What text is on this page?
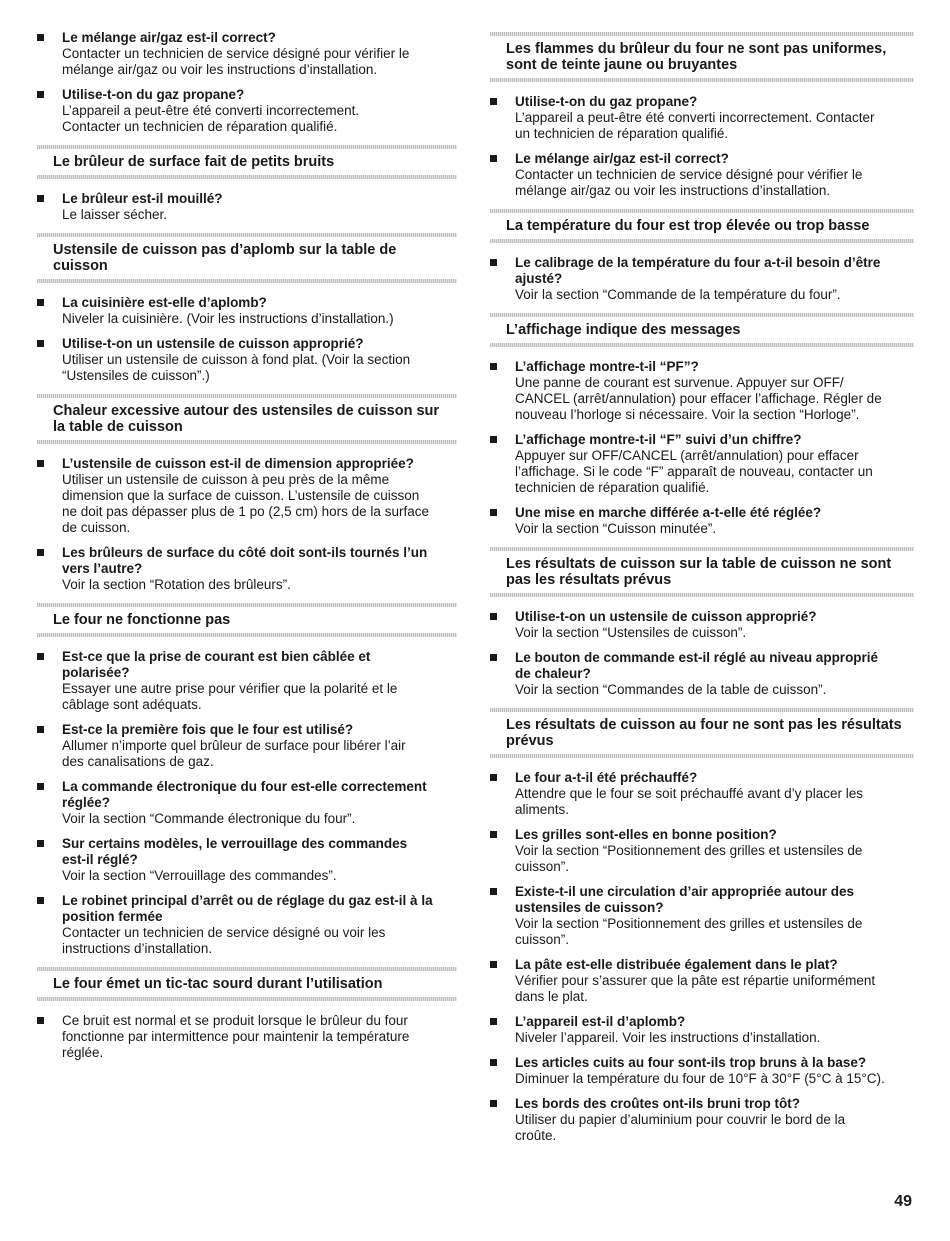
Le mélange air/gaz est-il correct?
Contacter un technicien de service désigné pour vérifier le
mélange air/gaz ou voir les instructions d’installation.
Utilise-t-on du gaz propane?
L’appareil a peut-être été converti incorrectement.
Contacter un technicien de réparation qualifié.
Le brûleur de surface fait de petits bruits
Le brûleur est-il mouillé?
Le laisser sécher.
Ustensile de cuisson pas d’aplomb sur la table de
cuisson
La cuisinière est-elle d’aplomb?
Niveler la cuisinière. (Voir les instructions d’installation.)
Utilise-t-on un ustensile de cuisson approprié?
Utiliser un ustensile de cuisson à fond plat. (Voir la section
“Ustensiles de cuisson”.)
Chaleur excessive autour des ustensiles de cuisson sur
la table de cuisson
L’ustensile de cuisson est-il de dimension appropriée?
Utiliser un ustensile de cuisson à peu près de la même
dimension que la surface de cuisson. L’ustensile de cuisson
ne doit pas dépasser plus de 1 po (2,5 cm) hors de la surface
de cuisson.
Les brûleurs de surface du côté doit sont-ils tournés l’un
vers l’autre?
Voir la section “Rotation des brûleurs”.
Le four ne fonctionne pas
Est-ce que la prise de courant est bien câblée et
polarisée?
Essayer une autre prise pour vérifier que la polarité et le
câblage sont adéquats.
Est-ce la première fois que le four est utilisé?
Allumer n’importe quel brûleur de surface pour libérer l’air
des canalisations de gaz.
La commande électronique du four est-elle correctement
réglée?
Voir la section “Commande électronique du four”.
Sur certains modèles, le verrouillage des commandes
est-il réglé?
Voir la section “Verrouillage des commandes”.
Le robinet principal d’arrêt ou de réglage du gaz est-il à la
position fermée
Contacter un technicien de service désigné ou voir les
instructions d’installation.
Le four émet un tic-tac sourd durant l’utilisation
Ce bruit est normal et se produit lorsque le brûleur du four
fonctionne par intermittence pour maintenir la température
réglée.
Les flammes du brûleur du four ne sont pas uniformes,
sont de teinte jaune ou bruyantes
Utilise-t-on du gaz propane?
L’appareil a peut-être été converti incorrectement. Contacter
un technicien de réparation qualifié.
Le mélange air/gaz est-il correct?
Contacter un technicien de service désigné pour vérifier le
mélange air/gaz ou voir les instructions d’installation.
La température du four est trop élevée ou trop basse
Le calibrage de la température du four a-t-il besoin d’être
ajusté?
Voir la section “Commande de la température du four”.
L’affichage indique des messages
L’affichage montre-t-il “PF”?
Une panne de courant est survenue. Appuyer sur OFF/
CANCEL (arrêt/annulation) pour effacer l’affichage. Régler de
nouveau l’horloge si nécessaire. Voir la section “Horloge”.
L’affichage montre-t-il “F” suivi d’un chiffre?
Appuyer sur OFF/CANCEL (arrêt/annulation) pour effacer
l’affichage. Si le code “F” apparaît de nouveau, contacter un
technicien de réparation qualifié.
Une mise en marche différée a-t-elle été réglée?
Voir la section “Cuisson minutée”.
Les résultats de cuisson sur la table de cuisson ne sont
pas les résultats prévus
Utilise-t-on un ustensile de cuisson approprié?
Voir la section “Ustensiles de cuisson”.
Le bouton de commande est-il réglé au niveau approprié
de chaleur?
Voir la section “Commandes de la table de cuisson”.
Les résultats de cuisson au four ne sont pas les résultats
prévus
Le four a-t-il été préchauffé?
Attendre que le four se soit préchauffé avant d’y placer les
aliments.
Les grilles sont-elles en bonne position?
Voir la section “Positionnement des grilles et ustensiles de
cuisson”.
Existe-t-il une circulation d’air appropriée autour des
ustensiles de cuisson?
Voir la section “Positionnement des grilles et ustensiles de
cuisson”.
La pâte est-elle distribuée également dans le plat?
Vérifier pour s’assurer que la pâte est répartie uniformément
dans le plat.
L’appareil est-il d’aplomb?
Niveler l’appareil. Voir les instructions d’installation.
Les articles cuits au four sont-ils trop bruns à la base?
Diminuer la température du four de 10°F à 30°F (5°C à 15°C).
Les bords des croûtes ont-ils bruni trop tôt?
Utiliser du papier d’aluminium pour couvrir le bord de la
croûte.
49
